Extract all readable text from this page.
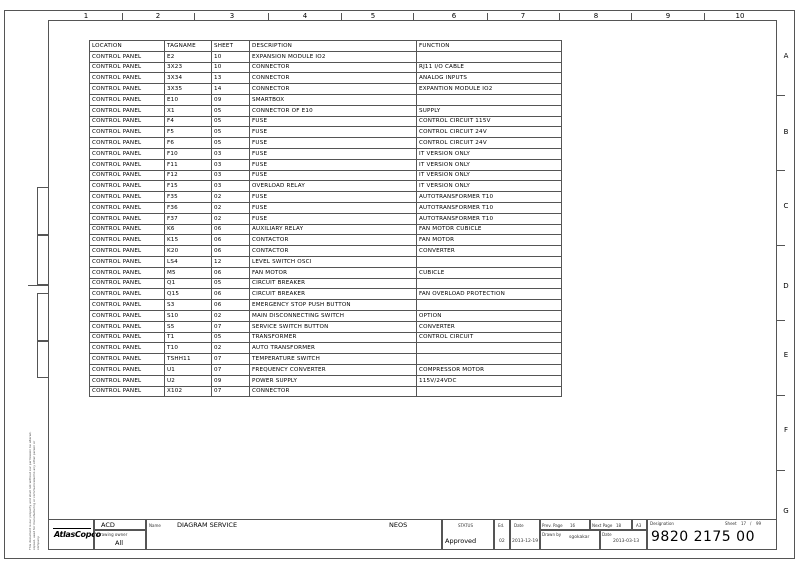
1	2	3	4	5	6	7	8	9	10
A
B
C
D
E
F
G
This document is our property and shall not without our permission be altered, copied, used for manufacturing or communicated to any other person or company.
LOCATION	TAGNAME	SHEET	DESCRIPTION	FUNCTION
CONTROL PANEL	E2	10	EXPANSION MODULE IO2	
CONTROL PANEL	3X23	10	CONNECTOR	RJ11 I/O CABLE
CONTROL PANEL	3X34	13	CONNECTOR	ANALOG INPUTS
CONTROL PANEL	3X35	14	CONNECTOR	EXPANTION MODULE IO2
CONTROL PANEL	E10	09	SMARTBOX	
CONTROL PANEL	X1	05	CONNECTOR OF E10	SUPPLY
CONTROL PANEL	F4	05	FUSE	CONTROL CIRCUIT 115V
CONTROL PANEL	F5	05	FUSE	CONTROL CIRCUIT 24V
CONTROL PANEL	F6	05	FUSE	CONTROL CIRCUIT 24V
CONTROL PANEL	F10	03	FUSE	IT VERSION ONLY
CONTROL PANEL	F11	03	FUSE	IT VERSION ONLY
CONTROL PANEL	F12	03	FUSE	IT VERSION ONLY
CONTROL PANEL	F15	03	OVERLOAD RELAY	IT VERSION ONLY
CONTROL PANEL	F35	02	FUSE	AUTOTRANSFORMER T10
CONTROL PANEL	F36	02	FUSE	AUTOTRANSFORMER T10
CONTROL PANEL	F37	02	FUSE	AUTOTRANSFORMER T10
CONTROL PANEL	K6	06	AUXILIARY RELAY	FAN MOTOR CUBICLE
CONTROL PANEL	K15	06	CONTACTOR	FAN MOTOR
CONTROL PANEL	K20	06	CONTACTOR	CONVERTER
CONTROL PANEL	LS4	12	LEVEL SWITCH OSCI	
CONTROL PANEL	M5	06	FAN MOTOR	CUBICLE
CONTROL PANEL	Q1	05	CIRCUIT BREAKER	
CONTROL PANEL	Q15	06	CIRCUIT BREAKER	FAN OVERLOAD PROTECTION
CONTROL PANEL	S3	06	EMERGENCY STOP PUSH BUTTON	
CONTROL PANEL	S10	02	MAIN DISCONNECTING SWITCH	OPTION
CONTROL PANEL	S5	07	SERVICE SWITCH BUTTON	CONVERTER
CONTROL PANEL	T1	05	TRANSFORMER	CONTROL CIRCUIT
CONTROL PANEL	T10	02	AUTO TRANSFORMER	
CONTROL PANEL	TSHH11	07	TEMPERATURE SWITCH	
CONTROL PANEL	U1	07	FREQUENCY CONVERTER	COMPRESSOR MOTOR
CONTROL PANEL	U2	09	POWER SUPPLY	115V/24VDC
CONTROL PANEL	X102	07	CONNECTOR	
AtlasCopco
ACD
Drawing owner
All
Name DIAGRAM SERVICE	NEOS	STATUS
Approved
Ed.
02
Date
2013-12-19
Prev. Page 16	Next Page 18	A3
Drawn by
sgokakar
Date
2013-03-13
Designation	Sheet 17 / 99
9820 2175 00
